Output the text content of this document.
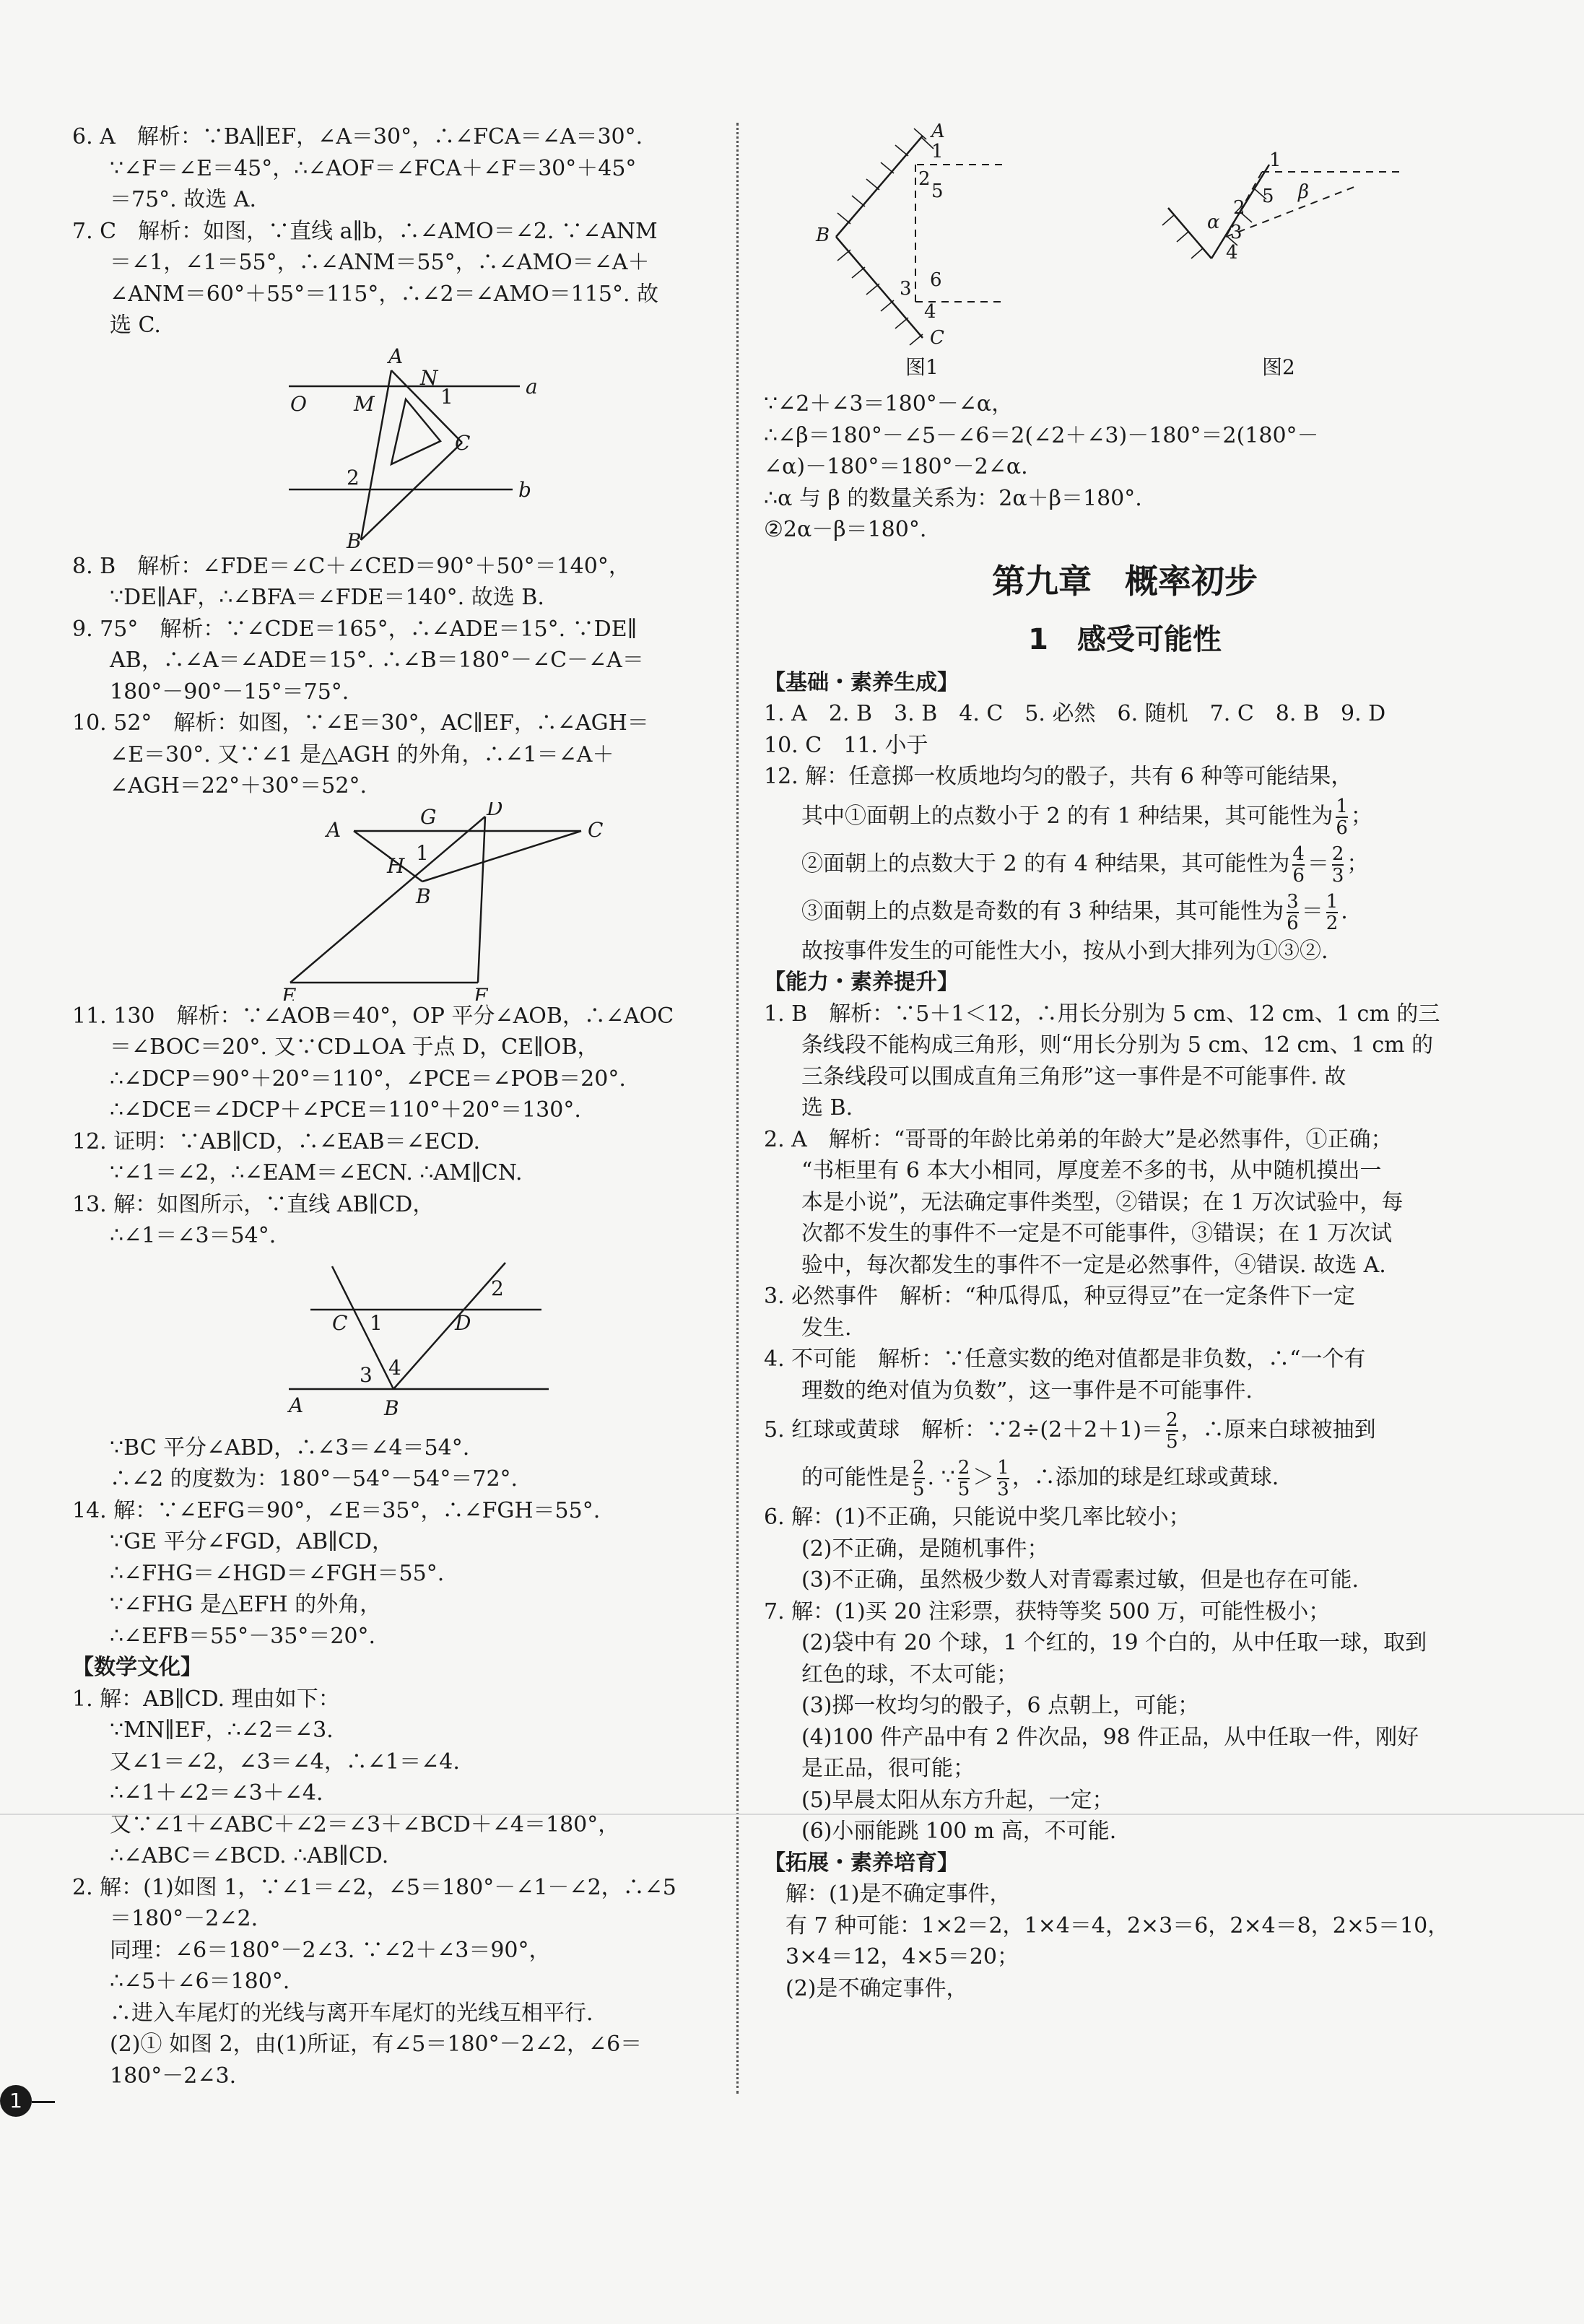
6. A　解析：∵BA∥EF，∠A＝30°，∴∠FCA＝∠A＝30°.
∵∠F＝∠E＝45°，∴∠AOF＝∠FCA＋∠F＝30°＋45°
＝75°. 故选 A.
7. C　解析：如图，∵直线 a∥b，∴∠AMO＝∠2. ∵∠ANM
＝∠1，∠1＝55°，∴∠ANM＝55°，∴∠AMO＝∠A＋
∠ANM＝60°＋55°＝115°，∴∠2＝∠AMO＝115°. 故
选 C.
A
N
1	a
O M
C
2
b
B
8. B　解析：∠FDE＝∠C＋∠CED＝90°＋50°＝140°，
∵DE∥AF，∴∠BFA＝∠FDE＝140°. 故选 B.
9. 75°　解析：∵∠CDE＝165°，∴∠ADE＝15°. ∵DE∥
AB，∴∠A＝∠ADE＝15°. ∴∠B＝180°－∠C－∠A＝
180°－90°－15°＝75°.
10. 52°　解析：如图，∵∠E＝30°，AC∥EF，∴∠AGH＝
∠E＝30°. 又∵∠1 是△AGH 的外角，∴∠1＝∠A＋
∠AGH＝22°＋30°＝52°.
D
A
G
C
1
H
B
E	F
11. 130　解析：∵∠AOB＝40°，OP 平分∠AOB，∴∠AOC
＝∠BOC＝20°. 又∵CD⊥OA 于点 D，CE∥OB，
∴∠DCP＝90°＋20°＝110°，∠PCE＝∠POB＝20°.
∴∠DCE＝∠DCP＋∠PCE＝110°＋20°＝130°.
12. 证明：∵AB∥CD，∴∠EAB＝∠ECD.
∵∠1＝∠2，∴∠EAM＝∠ECN. ∴AM∥CN.
13. 解：如图所示，∵直线 AB∥CD，
∴∠1＝∠3＝54°.
2
C 1	D
3 4
A	B
∵BC 平分∠ABD，∴∠3＝∠4＝54°.
∴∠2 的度数为：180°－54°－54°＝72°.
14. 解：∵∠EFG＝90°，∠E＝35°，∴∠FGH＝55°.
∵GE 平分∠FGD，AB∥CD，
∴∠FHG＝∠HGD＝∠FGH＝55°.
∵∠FHG 是△EFH 的外角，
∴∠EFB＝55°－35°＝20°.
【数学文化】
1. 解：AB∥CD. 理由如下：
∵MN∥EF，∴∠2＝∠3.
又∠1＝∠2，∠3＝∠4，∴∠1＝∠4.
∴∠1＋∠2＝∠3＋∠4.
又∵∠1＋∠ABC＋∠2＝∠3＋∠BCD＋∠4＝180°，
∴∠ABC＝∠BCD. ∴AB∥CD.
2. 解：(1)如图 1，∵∠1＝∠2，∠5＝180°－∠1－∠2，∴∠5
＝180°－2∠2.
同理：∠6＝180°－2∠3. ∵∠2＋∠3＝90°，
∴∠5＋∠6＝180°.
∴进入车尾灯的光线与离开车尾灯的光线互相平行.
(2)① 如图 2，由(1)所证，有∠5＝180°－2∠2，∠6＝
180°－2∠3.
A
1
2
5
B
3 6
4
C
1
5 β
α
2
3
4
图1	图2
∵∠2＋∠3＝180°－∠α，
∴∠β＝180°－∠5－∠6＝2(∠2＋∠3)－180°＝2(180°－
∠α)－180°＝180°－2∠α.
∴α 与 β 的数量关系为：2α＋β＝180°.
②2α－β＝180°.
第九章　概率初步
1　感受可能性
【基础・素养生成】
1. A　2. B　3. B　4. C　5. 必然　6. 随机　7. C　8. B　9. D
10. C　11. 小于
12. 解：任意掷一枚质地均匀的骰子，共有 6 种等可能结果，
其中①面朝上的点数小于 2 的有 1 种结果，其可能性为 $\frac{1}{6}$ ；
②面朝上的点数大于 2 的有 4 种结果，其可能性为 $\frac{4}{6} = \frac{2}{3}$ ；
③面朝上的点数是奇数的有 3 种结果，其可能性为 $\frac{3}{6} = \frac{1}{2}$ .
故按事件发生的可能性大小，按从小到大排列为①③②.
【能力・素养提升】
1. B　解析：∵5＋1＜12，∴用长分别为 5 cm、12 cm、1 cm 的三
条线段不能构成三角形，则“用长分别为 5 cm、12 cm、1 cm 的
三条线段可以围成直角三角形”这一事件是不可能事件. 故
选 B.
2. A　解析：“哥哥的年龄比弟弟的年龄大”是必然事件，①正确；
“书柜里有 6 本大小相同，厚度差不多的书，从中随机摸出一
本是小说”，无法确定事件类型，②错误；在 1 万次试验中，每
次都不发生的事件不一定是不可能事件，③错误；在 1 万次试
验中，每次都发生的事件不一定是必然事件，④错误. 故选 A.
3. 必然事件　解析：“种瓜得瓜，种豆得豆”在一定条件下一定
发生.
4. 不可能　解析：∵任意实数的绝对值都是非负数，∴“一个有
理数的绝对值为负数”，这一事件是不可能事件.
5. 红球或黄球　解析：∵2÷(2＋2＋1)＝ $\frac{2}{5}$ ，∴原来白球被抽到
的可能性是 $\frac{2}{5}$ . ∵ $\frac{2}{5} > \frac{1}{3}$ ，∴添加的球是红球或黄球.
6. 解：(1)不正确，只能说中奖几率比较小；
(2)不正确，是随机事件；
(3)不正确，虽然极少数人对青霉素过敏，但是也存在可能.
7. 解：(1)买 20 注彩票，获特等奖 500 万，可能性极小；
(2)袋中有 20 个球，1 个红的，19 个白的，从中任取一球，取到
红色的球，不太可能；
(3)掷一枚均匀的骰子，6 点朝上，可能；
(4)100 件产品中有 2 件次品，98 件正品，从中任取一件，刚好
是正品，很可能；
(5)早晨太阳从东方升起，一定；
(6)小丽能跳 100 m 高，不可能.
【拓展・素养培育】
解：(1)是不确定事件，
有 7 种可能：1×2＝2，1×4＝4，2×3＝6，2×4＝8，2×5＝10，
3×4＝12，4×5＝20；
(2)是不确定事件，
1
